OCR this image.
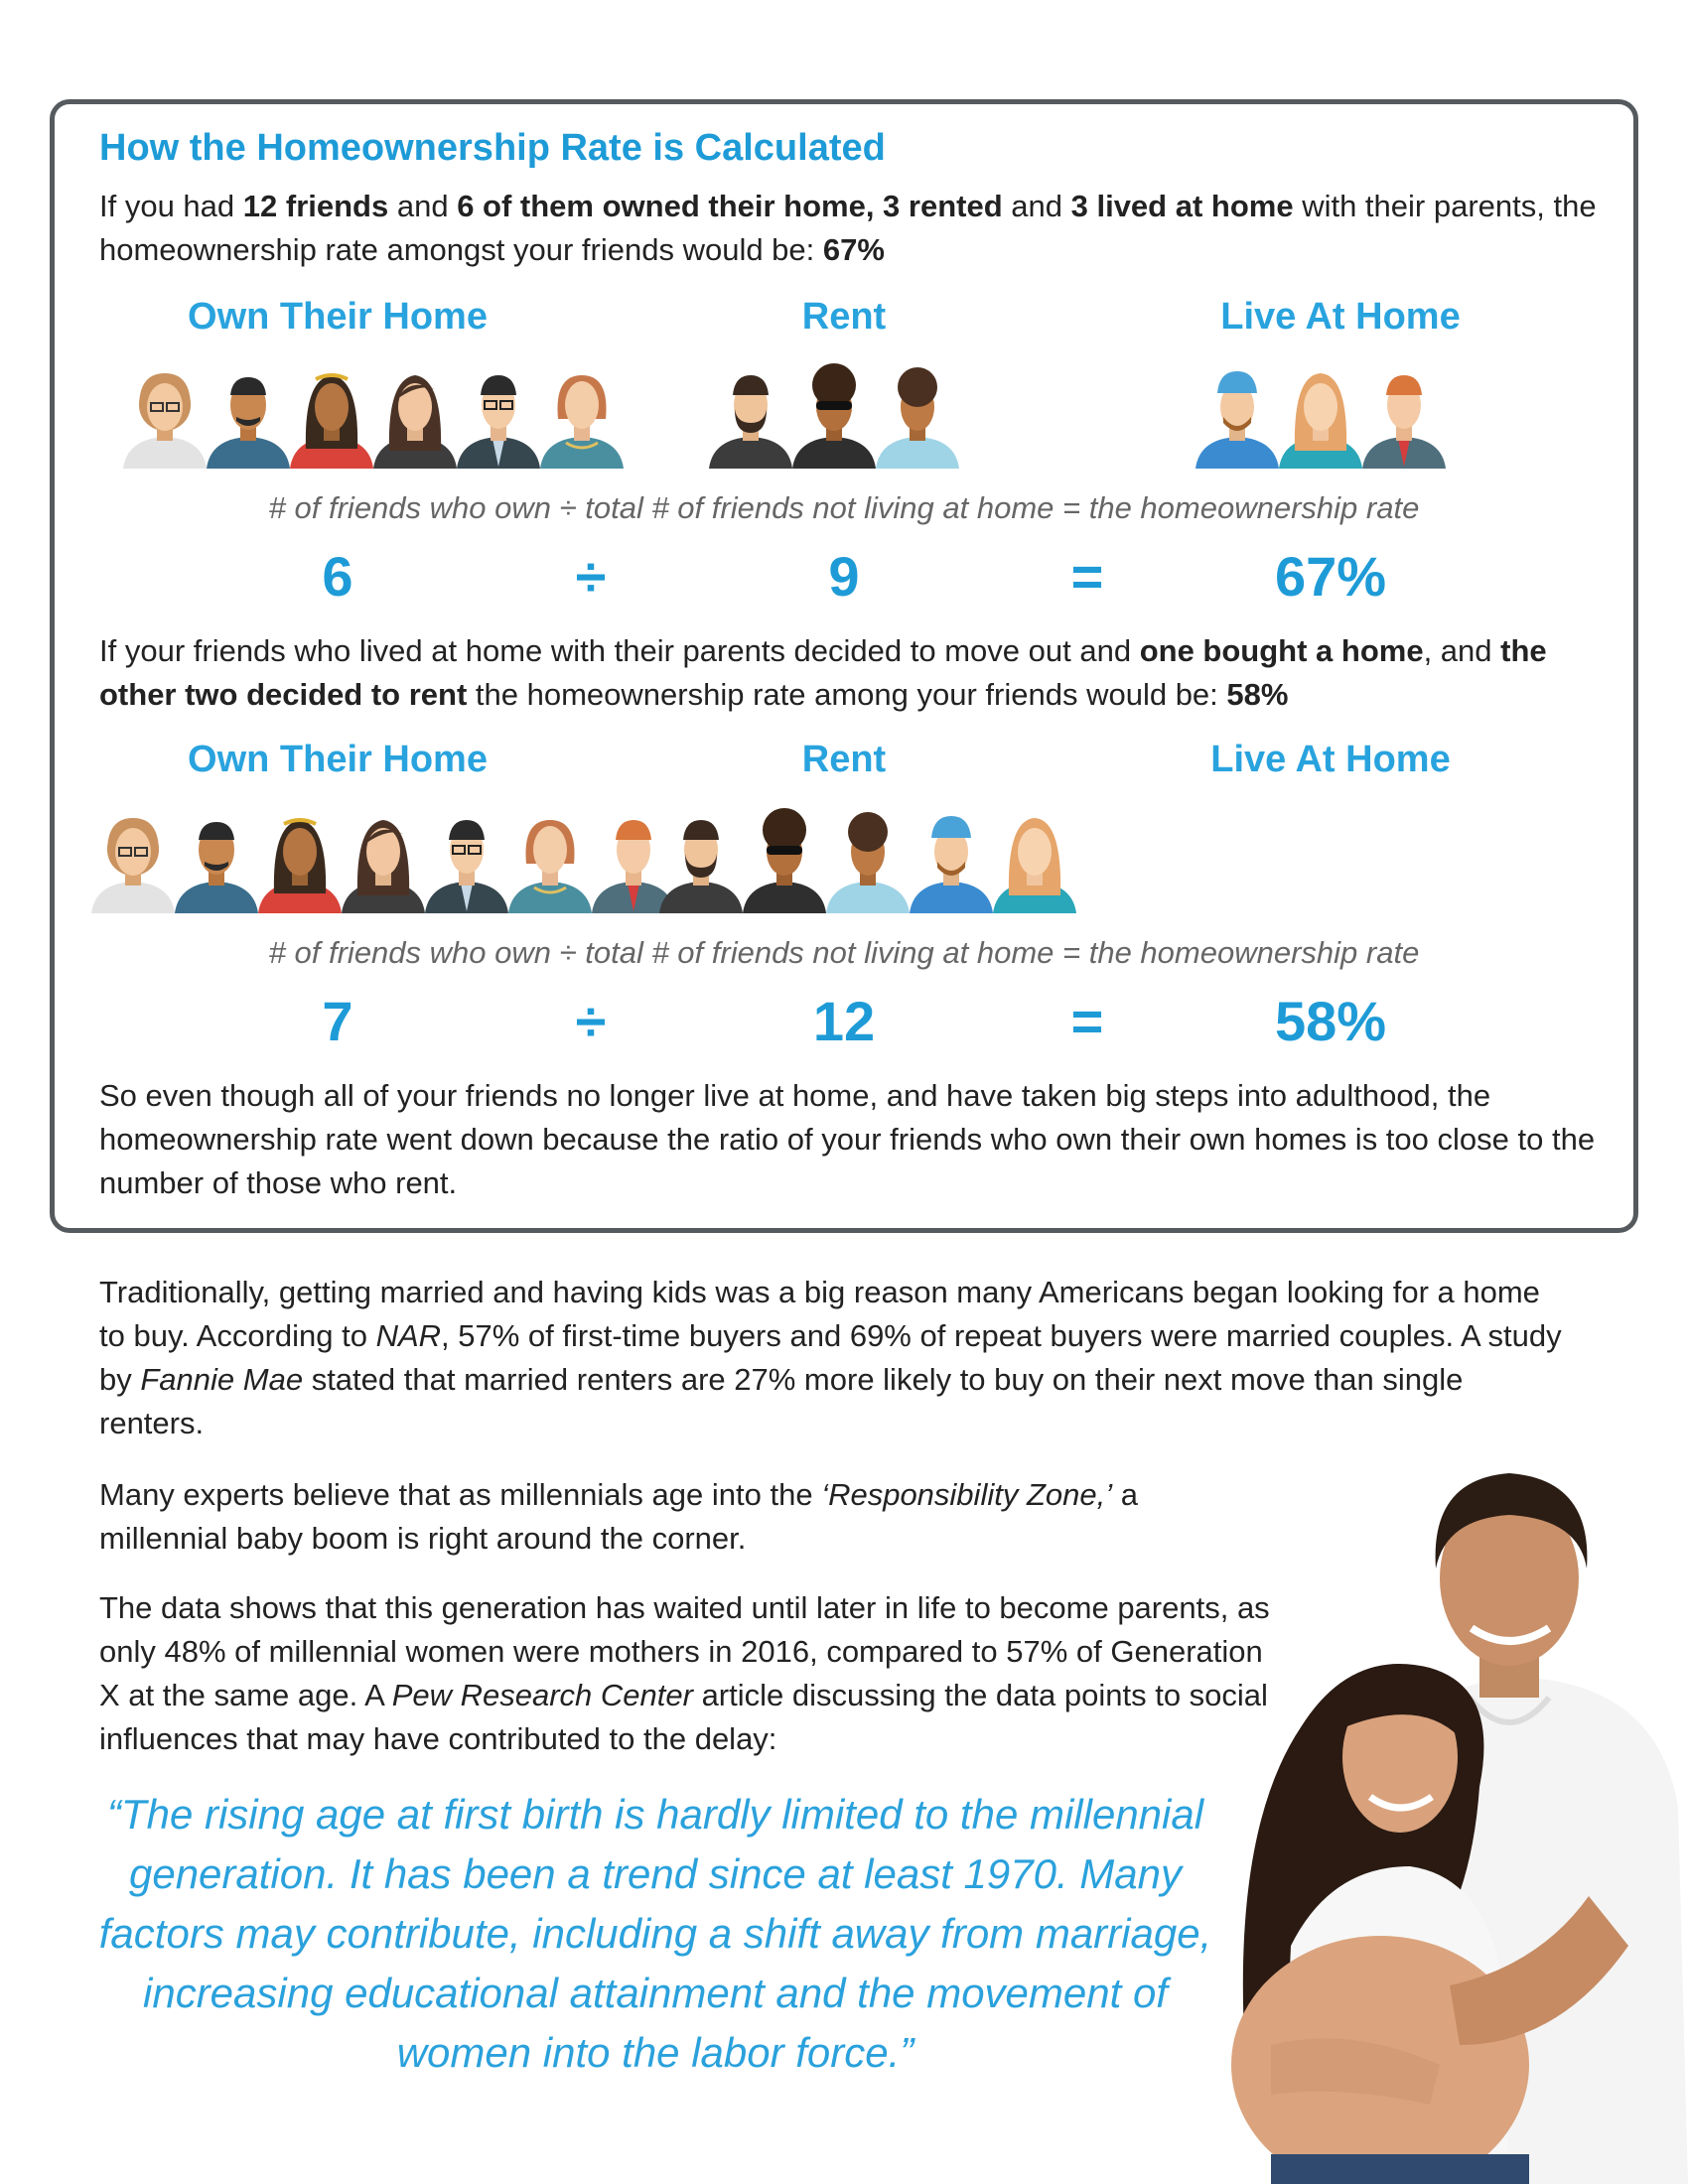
How the Homeownership Rate is Calculated
If you had 12 friends and 6 of them owned their home, 3 rented and 3 lived at home with their parents, the homeownership rate amongst your friends would be: 67%
Own Their Home	Rent	Live At Home
# of friends who own ÷ total # of friends not living at home = the homeownership rate
6	÷	9	=	67%
If your friends who lived at home with their parents decided to move out and one bought a home, and the other two decided to rent the homeownership rate among your friends would be: 58%
Own Their Home	Rent	Live At Home
# of friends who own ÷ total # of friends not living at home = the homeownership rate
7	÷	12	=	58%
So even though all of your friends no longer live at home, and have taken big steps into adulthood, the homeownership rate went down because the ratio of your friends who own their own homes is too close to the number of those who rent.
Traditionally, getting married and having kids was a big reason many Americans began looking for a home to buy. According to NAR, 57% of first-time buyers and 69% of repeat buyers were married couples. A study by Fannie Mae stated that married renters are 27% more likely to buy on their next move than single renters.
Many experts believe that as millennials age into the ‘Responsibility Zone,’ a millennial baby boom is right around the corner.
The data shows that this generation has waited until later in life to become parents, as only 48% of millennial women were mothers in 2016, compared to 57% of Generation X at the same age. A Pew Research Center article discussing the data points to social influences that may have contributed to the delay:
“The rising age at first birth is hardly limited to the millennial generation. It has been a trend since at least 1970. Many factors may contribute, including a shift away from marriage, increasing educational attainment and the movement of women into the labor force.”
